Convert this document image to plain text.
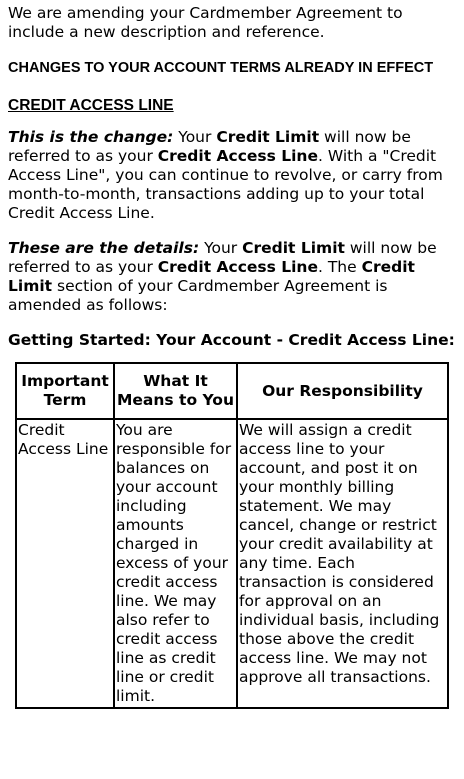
We are amending your Cardmember Agreement to include a new description and reference.

CHANGES TO YOUR ACCOUNT TERMS ALREADY IN EFFECT

CREDIT ACCESS LINE

This is the change: Your Credit Limit will now be referred to as your Credit Access Line. With a "Credit Access Line", you can continue to revolve, or carry from month-to-month, transactions adding up to your total Credit Access Line.

These are the details: Your Credit Limit will now be referred to as your Credit Access Line. The Credit Limit section of your Cardmember Agreement is amended as follows:

Getting Started: Your Account - Credit Access Line:

Important Term	What It Means to You	Our Responsibility
Credit Access Line	You are responsible for balances on your account including amounts charged in excess of your credit access line. We may also refer to credit access line as credit line or credit limit.	We will assign a credit access line to your account, and post it on your monthly billing statement. We may cancel, change or restrict your credit availability at any time. Each transaction is considered for approval on an individual basis, including those above the credit access line. We may not approve all transactions.
